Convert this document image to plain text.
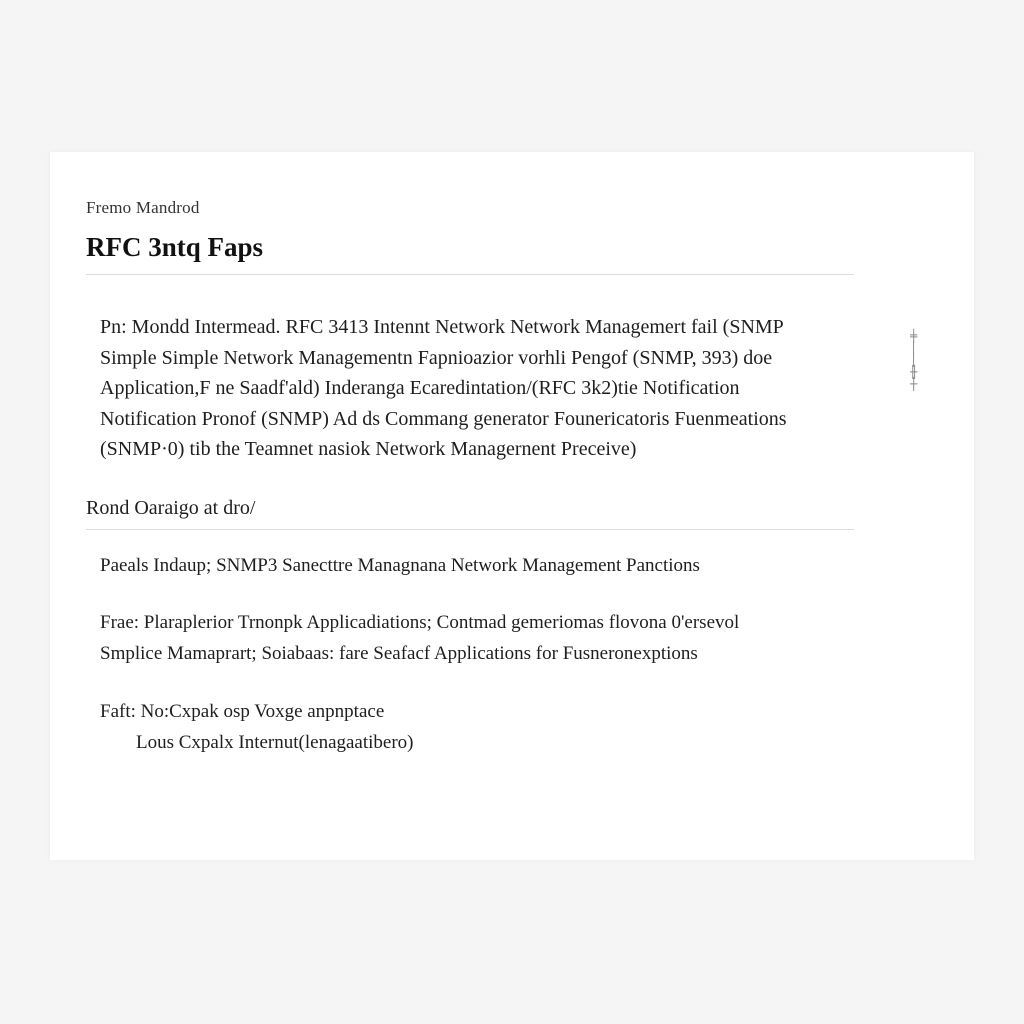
Fremo Mandrod
RFC 3ntq Faps
Pn: Mondd Intermead. RFC 3413 Intennt Network Network Managemert fail (SNMP
Simple Simple Network Managementn Fapnioazior vorhli Pengof (SNMP, 393) doe
Application,F ne Saadf'ald) Inderanga Ecaredintation/(RFC 3k2)tie Notification
Notification Pronof (SNMP) Ad ds Commang generator Founericatoris Fuenmeations
(SNMP·0) tib the Teamnet nasiok Network Managernent Preceive)
╪
│
│
╫
┼
Rond Oaraigo at dro/
Paeals Indaup; SNMP3 Sanecttre Managnana Network Management Panctions
Frae: Plaraplerior Trnonpk Applicadiations; Contmad gemeriomas flovona 0'ersevol
Smplice Mamaprart; Soiabaas: fare Seafacf Applications for Fusneronexptions
Faft: No:Cxpak osp Voxge anpnptace
Lous Cxpalx Internut(lenagaatibero)
